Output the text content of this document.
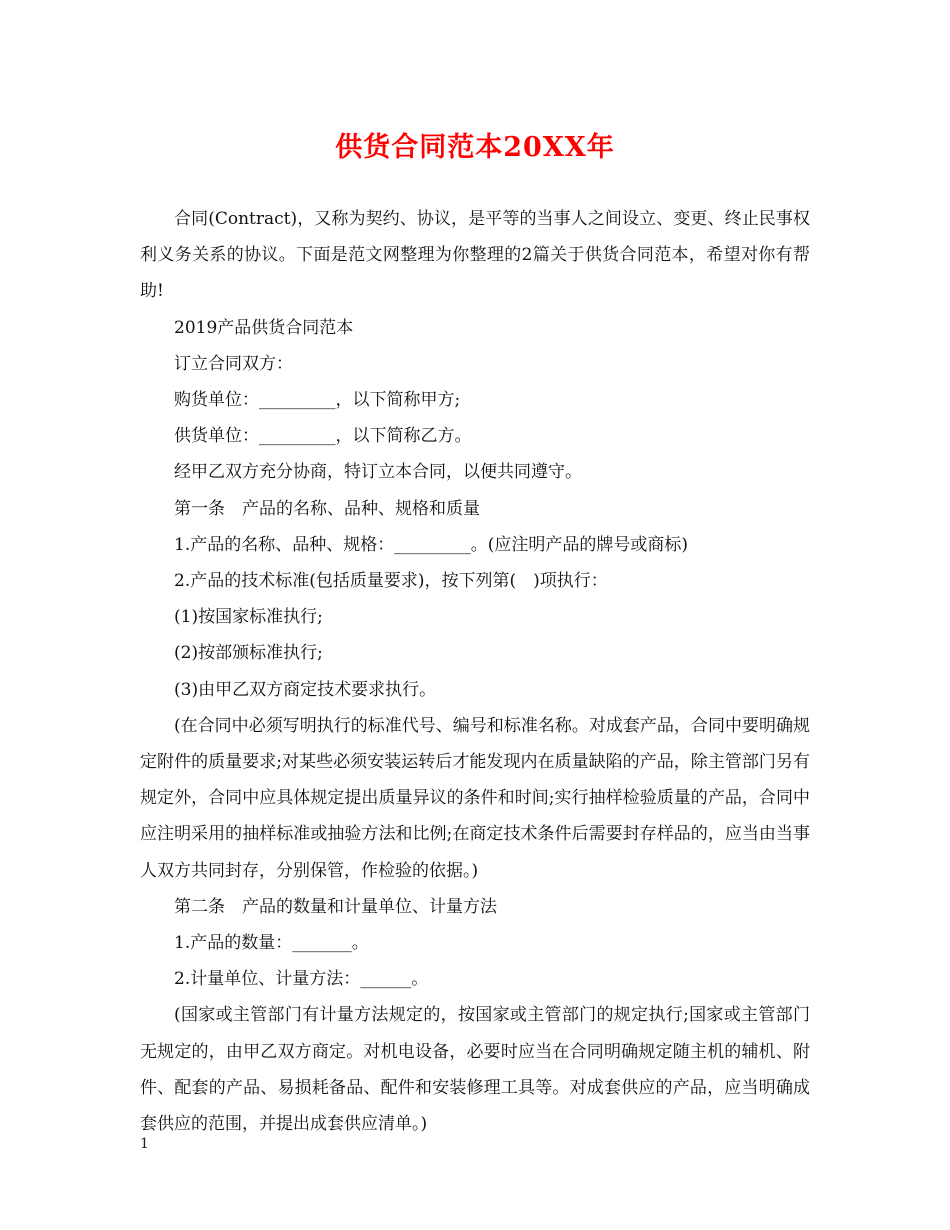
供货合同范本20XX年

合同(Contract)，又称为契约、协议，是平等的当事人之间设立、变更、终止民事权利义务关系的协议。下面是范文网整理为你整理的2篇关于供货合同范本，希望对你有帮助!

2019产品供货合同范本

订立合同双方：

购货单位：_________，以下简称甲方;

供货单位：_________，以下简称乙方。

经甲乙双方充分协商，特订立本合同，以便共同遵守。

第一条　产品的名称、品种、规格和质量

1.产品的名称、品种、规格：_________。(应注明产品的牌号或商标)

2.产品的技术标准(包括质量要求)，按下列第(　)项执行：

(1)按国家标准执行;

(2)按部颁标准执行;

(3)由甲乙双方商定技术要求执行。

(在合同中必须写明执行的标准代号、编号和标准名称。对成套产品，合同中要明确规定附件的质量要求;对某些必须安装运转后才能发现内在质量缺陷的产品，除主管部门另有规定外，合同中应具体规定提出质量异议的条件和时间;实行抽样检验质量的产品，合同中应注明采用的抽样标准或抽验方法和比例;在商定技术条件后需要封存样品的，应当由当事人双方共同封存，分别保管，作检验的依据。)

第二条　产品的数量和计量单位、计量方法

1.产品的数量：_______。

2.计量单位、计量方法：______。

(国家或主管部门有计量方法规定的，按国家或主管部门的规定执行;国家或主管部门无规定的，由甲乙双方商定。对机电设备，必要时应当在合同明确规定随主机的辅机、附件、配套的产品、易损耗备品、配件和安装修理工具等。对成套供应的产品，应当明确成套供应的范围，并提出成套供应清单。)

1
